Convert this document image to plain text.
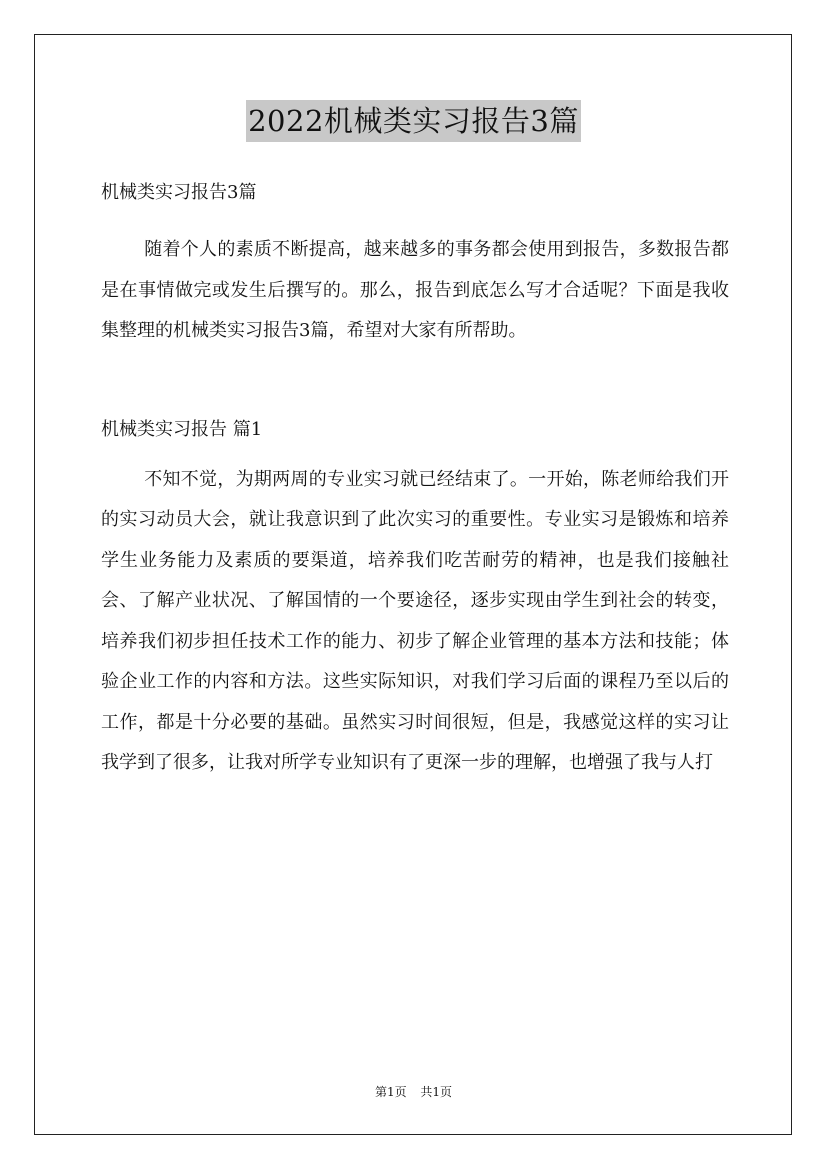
2022机械类实习报告3篇

机械类实习报告3篇

随着个人的素质不断提高，越来越多的事务都会使用到报告，多数报告都是在事情做完或发生后撰写的。那么，报告到底怎么写才合适呢？下面是我收集整理的机械类实习报告3篇，希望对大家有所帮助。

机械类实习报告 篇1

不知不觉，为期两周的专业实习就已经结束了。一开始，陈老师给我们开的实习动员大会，就让我意识到了此次实习的重要性。专业实习是锻炼和培养学生业务能力及素质的要渠道，培养我们吃苦耐劳的精神，也是我们接触社会、了解产业状况、了解国情的一个要途径，逐步实现由学生到社会的转变，培养我们初步担任技术工作的能力、初步了解企业管理的基本方法和技能；体验企业工作的内容和方法。这些实际知识，对我们学习后面的课程乃至以后的工作，都是十分必要的基础。虽然实习时间很短，但是，我感觉这样的实习让我学到了很多，让我对所学专业知识有了更深一步的理解，也增强了我与人打

第1页 共1页
